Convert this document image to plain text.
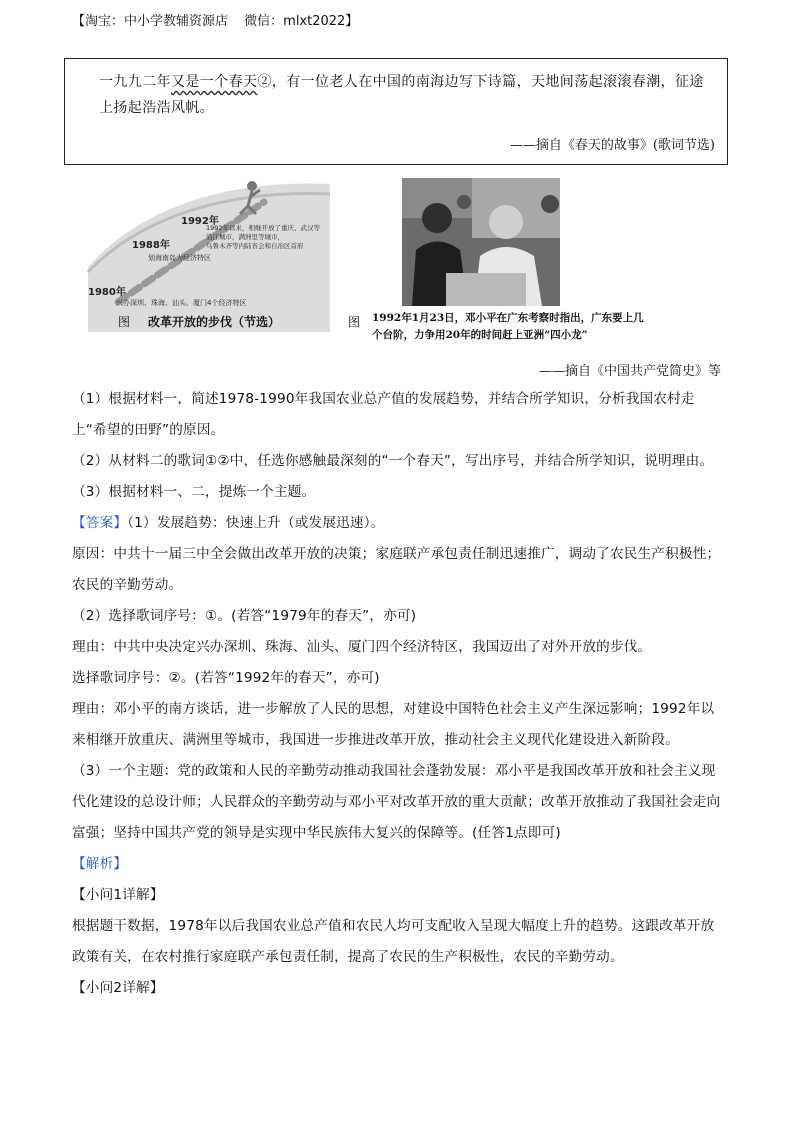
【淘宝：中小学教辅资源店 微信：mlxt2022】
一九九二年又是一个春天②，有一位老人在中国的南海边写下诗篇，天地间荡起滚滚春潮，征途上扬起浩浩风帆。
——摘自《春天的故事》(歌词节选)
1992年
1988年
1980年
1992年以来，相继开放了重庆、武汉等
沿江城市，满洲里等城市，
乌鲁木齐等内陆省会和自治区首府
划海南岛为经济特区
兴办深圳、珠海、汕头、厦门4个经济特区
图 改革开放的步伐（节选）	图 1992年1月23日，邓小平在广东考察时指出，广东要上几个台阶，力争用20年的时间赶上亚洲“四小龙”
——摘自《中国共产党简史》等
（1）根据材料一，简述1978-1990年我国农业总产值的发展趋势，并结合所学知识，分析我国农村走上“希望的田野”的原因。
（2）从材料二的歌词①②中，任选你感触最深刻的“一个春天”，写出序号，并结合所学知识，说明理由。
（3）根据材料一、二，提炼一个主题。
【答案】（1）发展趋势：快速上升（或发展迅速）。
原因：中共十一届三中全会做出改革开放的决策；家庭联产承包责任制迅速推广，调动了农民生产积极性；农民的辛勤劳动。
（2）选择歌词序号：①。(若答“1979年的春天”，亦可)
理由：中共中央决定兴办深圳、珠海、汕头、厦门四个经济特区，我国迈出了对外开放的步伐。
选择歌词序号：②。(若答“1992年的春天”，亦可)
理由：邓小平的南方谈话，进一步解放了人民的思想，对建设中国特色社会主义产生深远影响；1992年以来相继开放重庆、满洲里等城市，我国进一步推进改革开放，推动社会主义现代化建设进入新阶段。
（3）一个主题：党的政策和人民的辛勤劳动推动我国社会蓬勃发展：邓小平是我国改革开放和社会主义现代化建设的总设计师；人民群众的辛勤劳动与邓小平对改革开放的重大贡献；改革开放推动了我国社会走向富强；坚持中国共产党的领导是实现中华民族伟大复兴的保障等。(任答1点即可)
【解析】
【小问1详解】
根据题干数据，1978年以后我国农业总产值和农民人均可支配收入呈现大幅度上升的趋势。这跟改革开放政策有关，在农村推行家庭联产承包责任制，提高了农民的生产积极性，农民的辛勤劳动。
【小问2详解】
